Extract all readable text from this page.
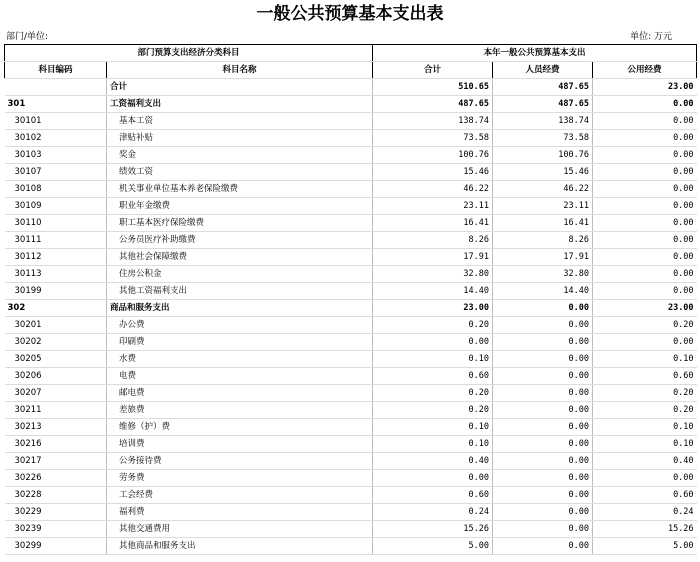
一般公共预算基本支出表
部门/单位:	单位: 万元
部门预算支出经济分类科目		本年一般公共预算基本支出		
科目编码	科目名称	合计	人员经费	公用经费
	合计	510.65	487.65	23.00
301	工资福利支出	487.65	487.65	0.00
30101	基本工资	138.74	138.74	0.00
30102	津贴补贴	73.58	73.58	0.00
30103	奖金	100.76	100.76	0.00
30107	绩效工资	15.46	15.46	0.00
30108	机关事业单位基本养老保险缴费	46.22	46.22	0.00
30109	职业年金缴费	23.11	23.11	0.00
30110	职工基本医疗保险缴费	16.41	16.41	0.00
30111	公务员医疗补助缴费	8.26	8.26	0.00
30112	其他社会保障缴费	17.91	17.91	0.00
30113	住房公积金	32.80	32.80	0.00
30199	其他工资福利支出	14.40	14.40	0.00
302	商品和服务支出	23.00	0.00	23.00
30201	办公费	0.20	0.00	0.20
30202	印刷费	0.00	0.00	0.00
30205	水费	0.10	0.00	0.10
30206	电费	0.60	0.00	0.60
30207	邮电费	0.20	0.00	0.20
30211	差旅费	0.20	0.00	0.20
30213	维修（护）费	0.10	0.00	0.10
30216	培训费	0.10	0.00	0.10
30217	公务接待费	0.40	0.00	0.40
30226	劳务费	0.00	0.00	0.00
30228	工会经费	0.60	0.00	0.60
30229	福利费	0.24	0.00	0.24
30239	其他交通费用	15.26	0.00	15.26
30299	其他商品和服务支出	5.00	0.00	5.00
